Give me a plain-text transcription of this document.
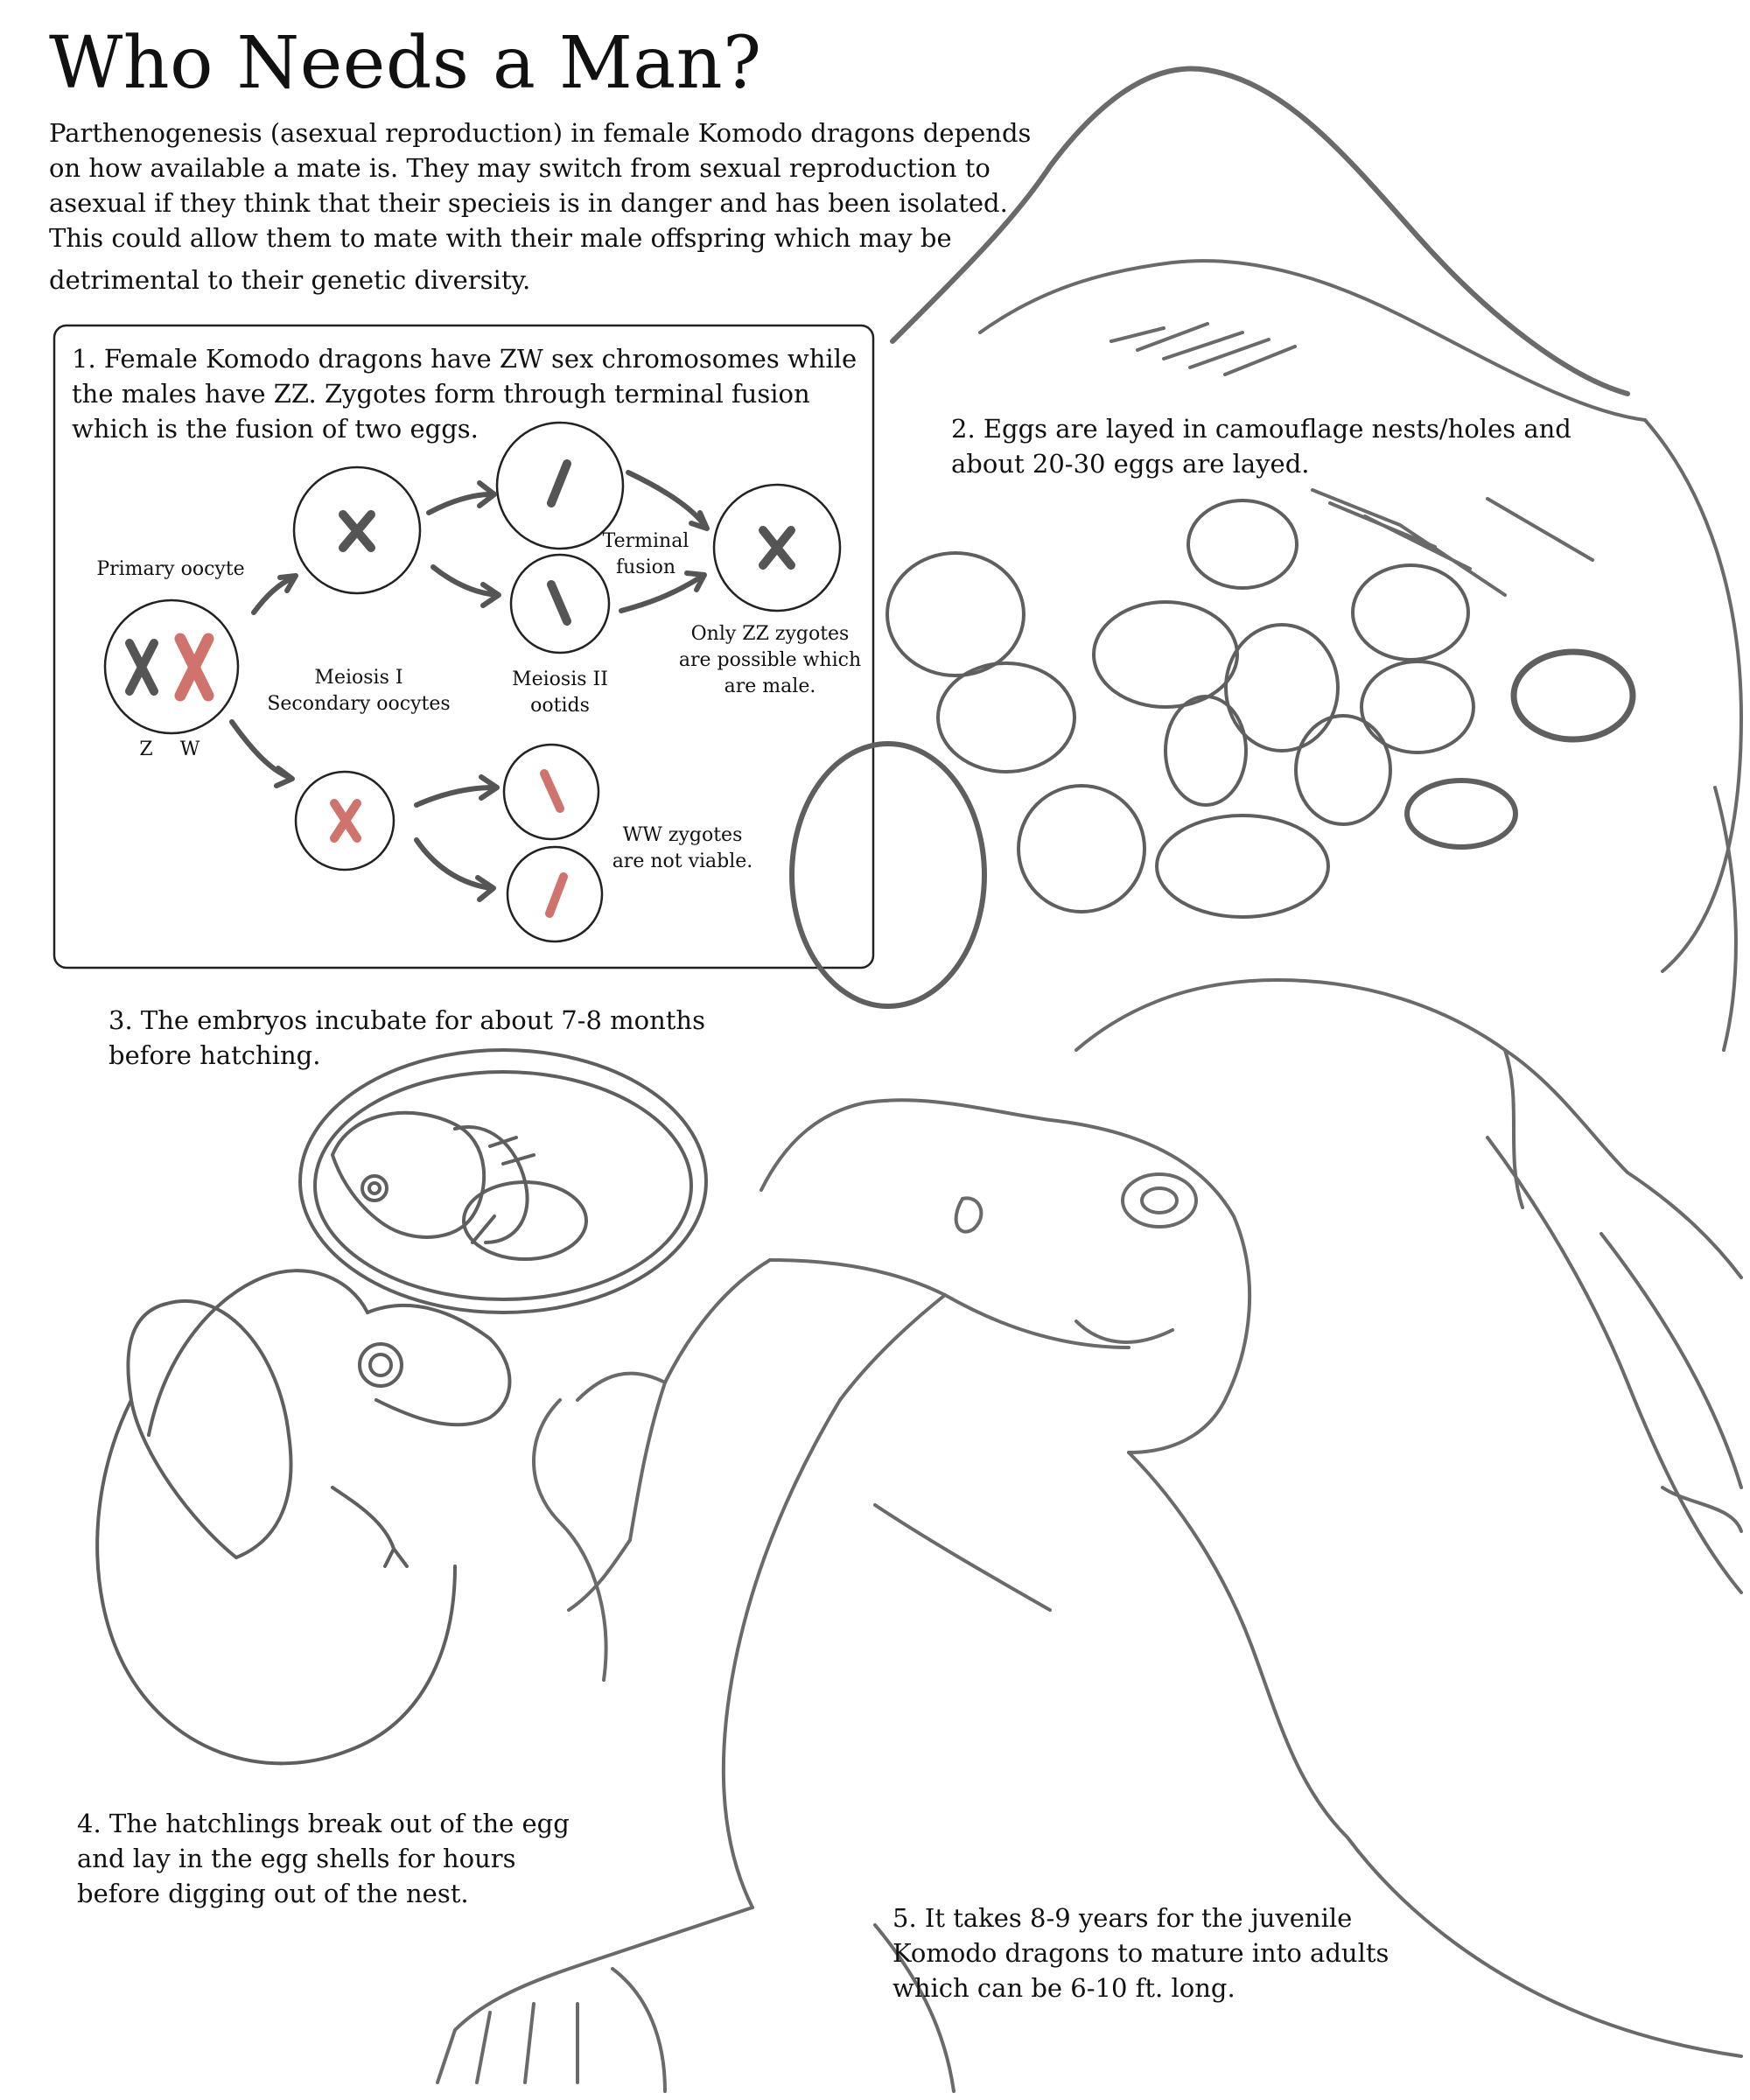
Who Needs a Man?
Parthenogenesis (asexual reproduction) in female Komodo dragons depends
on how available a mate is. They may switch from sexual reproduction to
asexual if they think that their specieis is in danger and has been isolated.
This could allow them to mate with their male offspring which may be
detrimental to their genetic diversity.
1. Female Komodo dragons have ZW sex chromosomes while
the males have ZZ. Zygotes form through terminal fusion
which is the fusion of two eggs.	2. Eggs are layed in camouflage nests/holes and
about 20-30 eggs are layed.
3. The embryos incubate for about 7-8 months
before hatching.
4. The hatchlings break out of the egg
and lay in the egg shells for hours
before digging out of the nest.
5. It takes 8-9 years for the juvenile
Komodo dragons to mature into adults
which can be 6-10 ft. long.
Primary oocyte
Z	W
Meiosis I
Secondary oocytes
Meiosis II
ootids
Terminal
fusion
Only ZZ zygotes
are possible which
are male.
WW zygotes
are not viable.
